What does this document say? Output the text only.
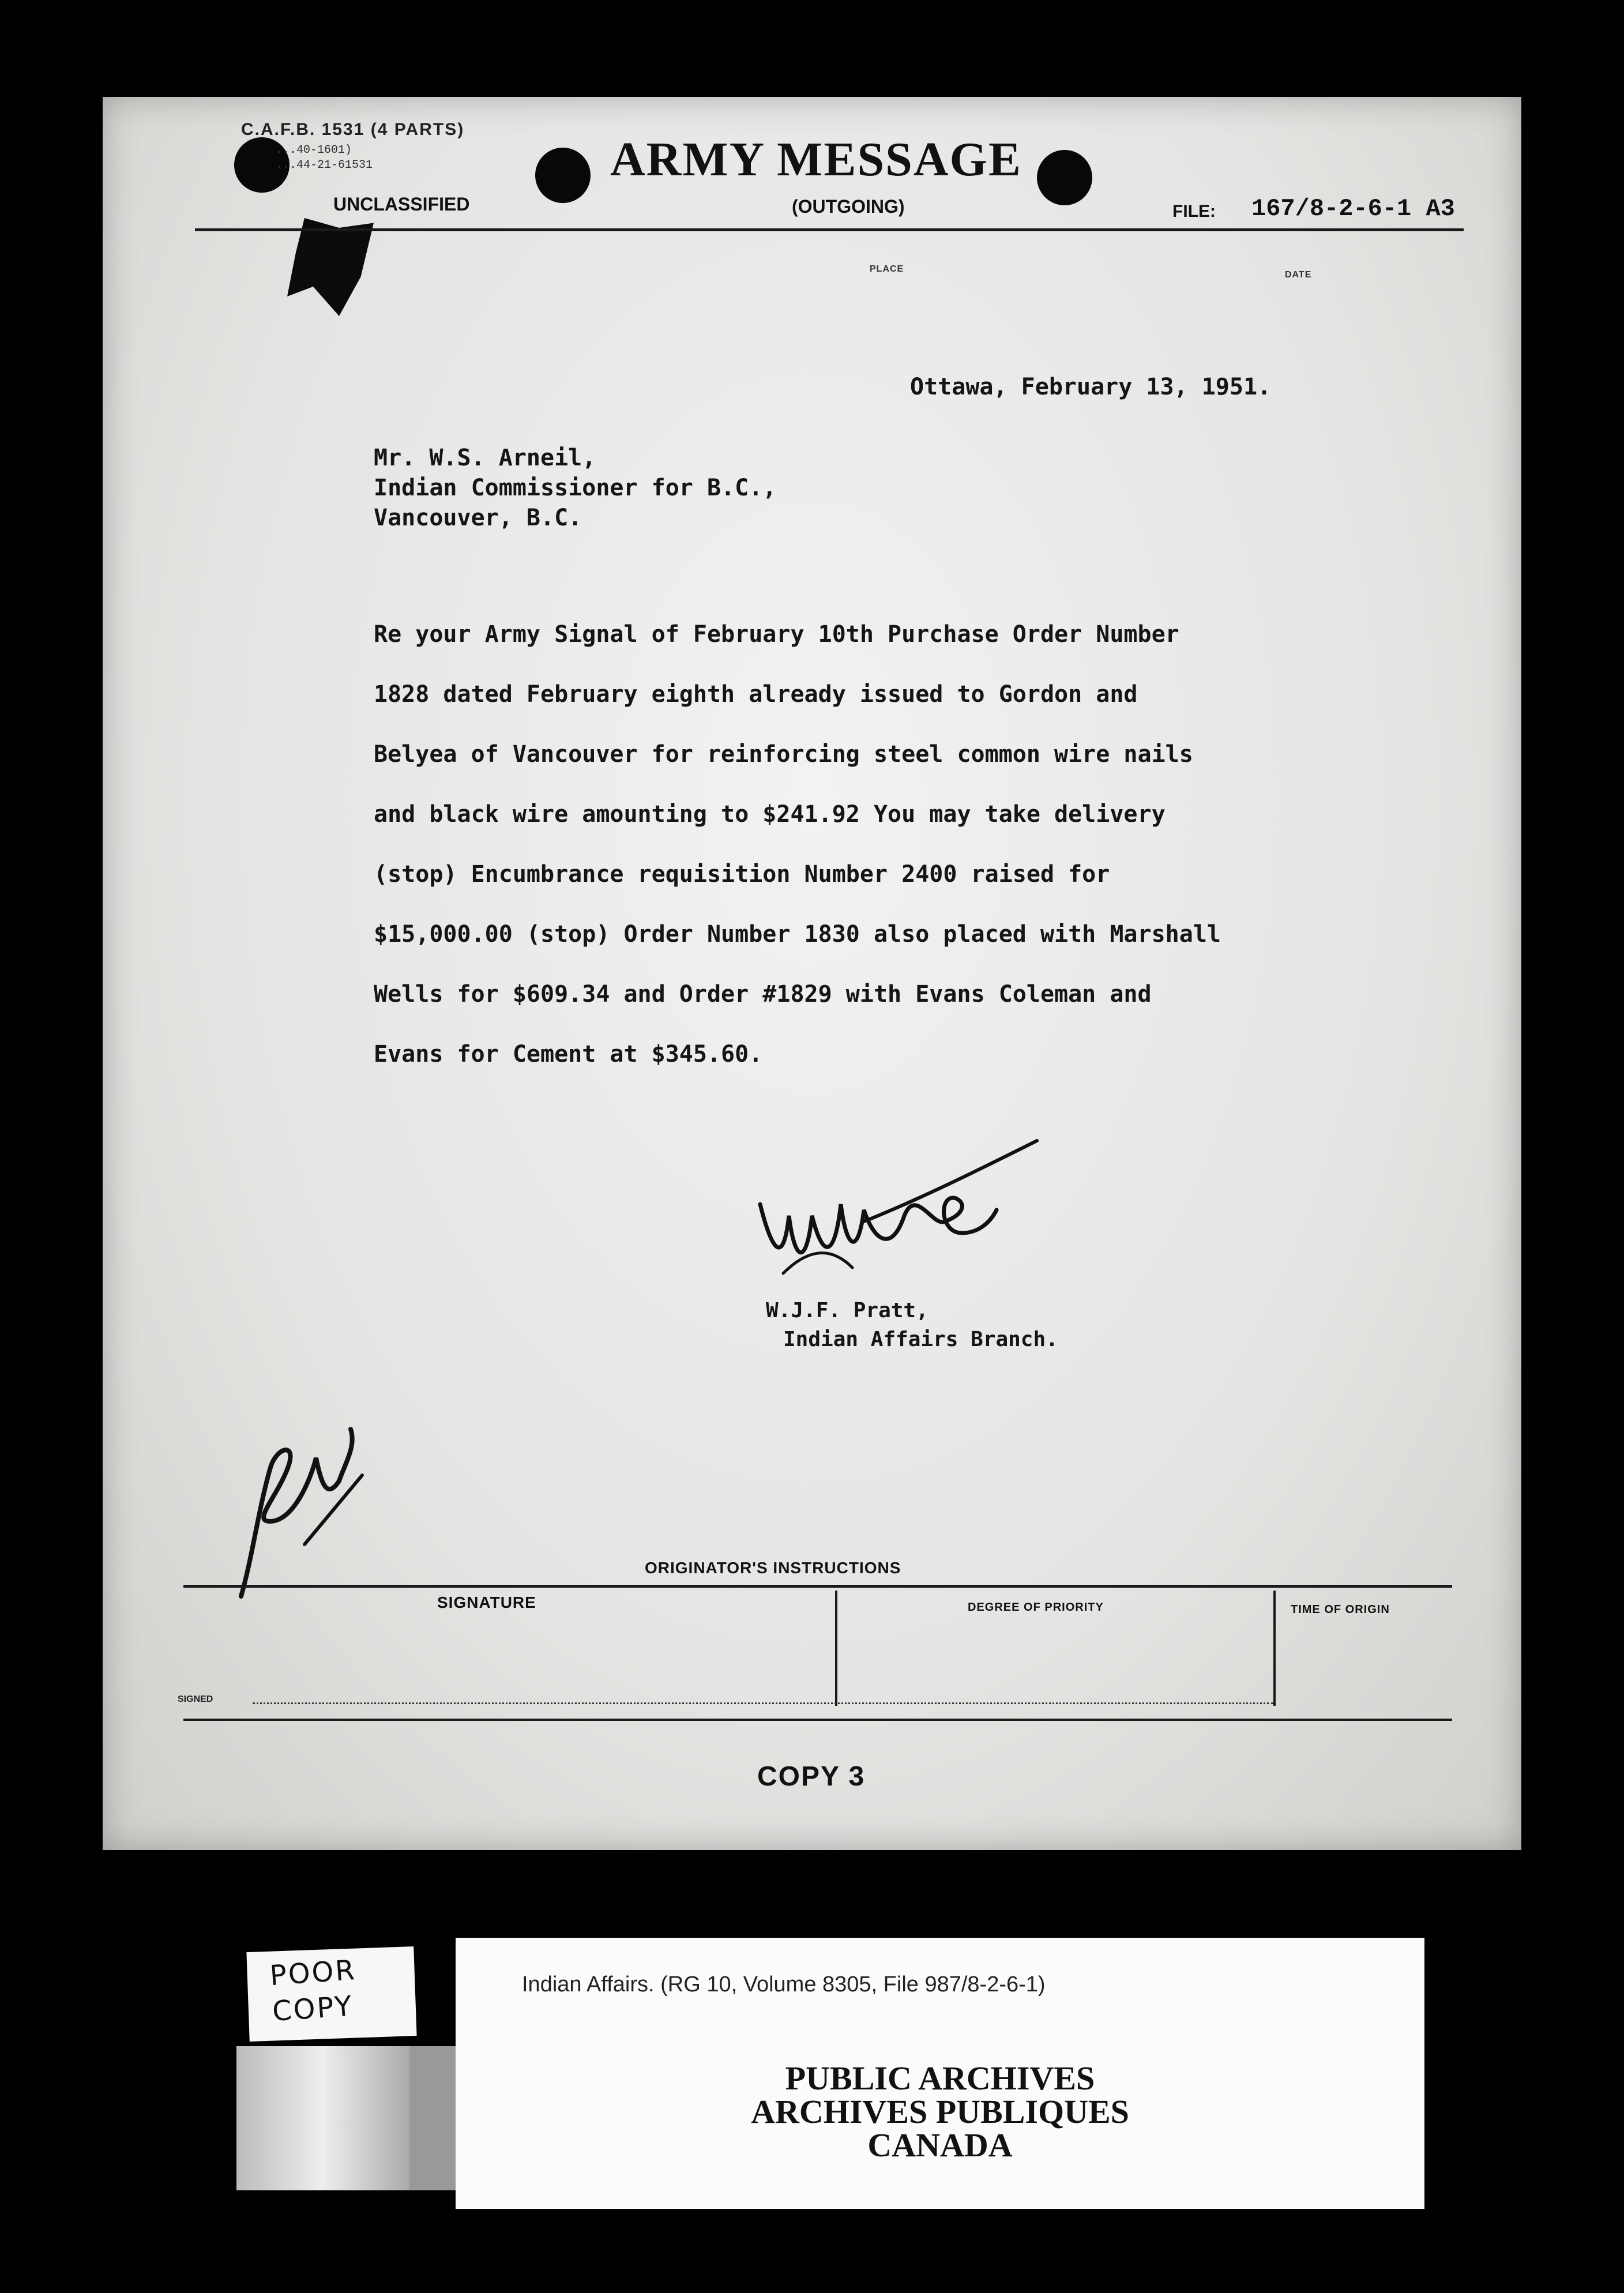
C.A.F.B. 1531 (4 PARTS)
...40-1601)
...44-21-61531	ARMY MESSAGE
UNCLASSIFIED	(OUTGOING)	FILE: 167/8-2-6-1 A3
PLACE
DATE
Ottawa, February 13, 1951.
Mr. W.S. Arneil,
Indian Commissioner for B.C.,
Vancouver, B.C.
Re your Army Signal of February 10th Purchase Order Number
1828 dated February eighth already issued to Gordon and
Belyea of Vancouver for reinforcing steel common wire nails
and black wire amounting to $241.92 You may take delivery
(stop) Encumbrance requisition Number 2400 raised for
$15,000.00 (stop) Order Number 1830 also placed with Marshall
Wells for $609.34 and Order #1829 with Evans Coleman and
Evans for Cement at $345.60.
W.J.F. Pratt,
Indian Affairs Branch.
ORIGINATOR'S INSTRUCTIONS
SIGNATURE	DEGREE OF PRIORITY	TIME OF ORIGIN
SIGNED
COPY 3
POOR
COPY
Indian Affairs. (RG 10, Volume 8305, File 987/8-2-6-1)
PUBLIC ARCHIVES
ARCHIVES PUBLIQUES
CANADA
